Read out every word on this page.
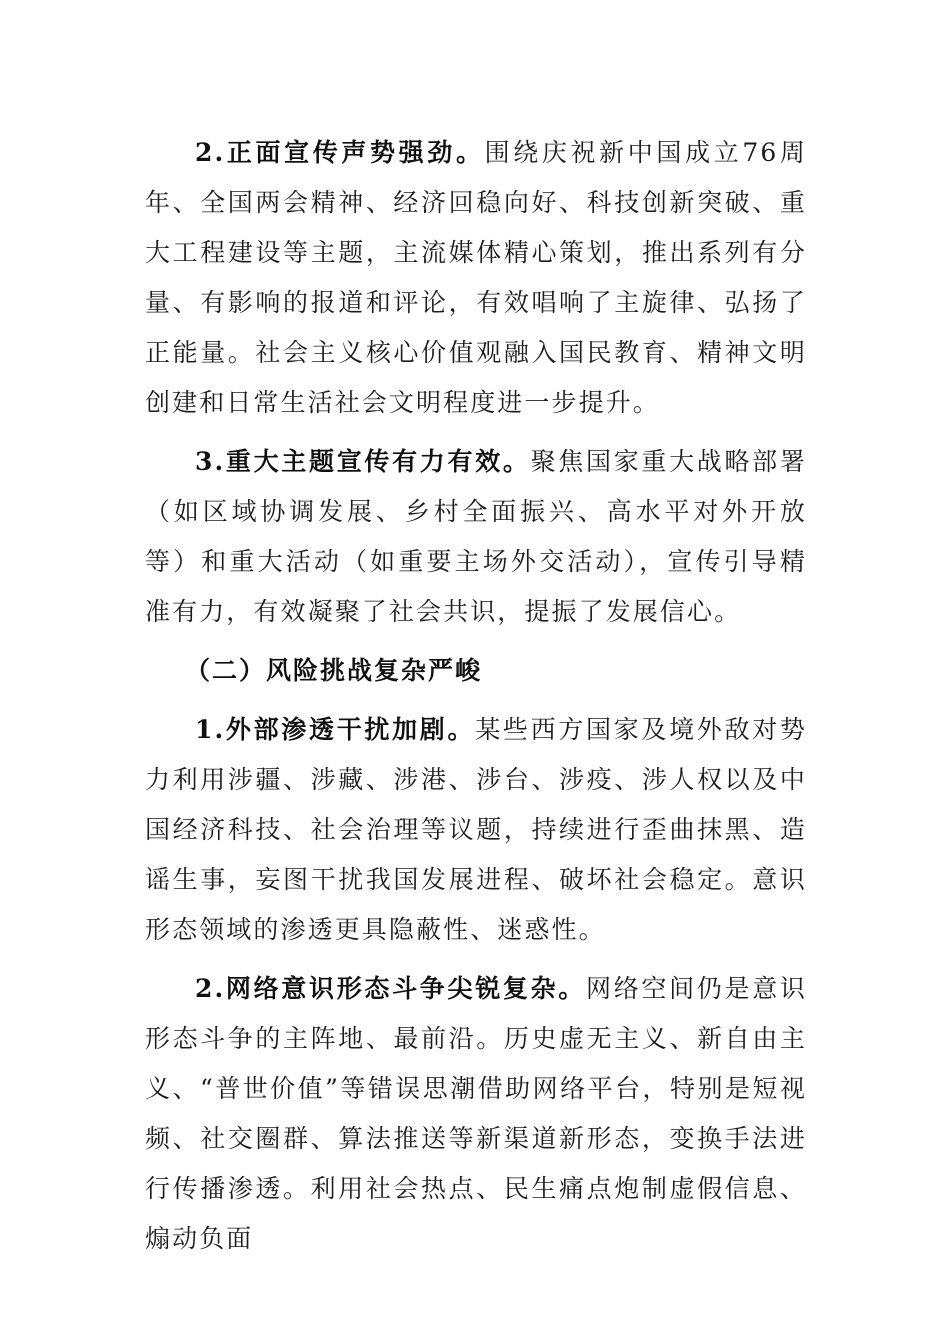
2.正面宣传声势强劲。围绕庆祝新中国成立76周年、全国两会精神、经济回稳向好、科技创新突破、重大工程建设等主题，主流媒体精心策划，推出系列有分量、有影响的报道和评论，有效唱响了主旋律、弘扬了正能量。社会主义核心价值观融入国民教育、精神文明创建和日常生活社会文明程度进一步提升。

3.重大主题宣传有力有效。聚焦国家重大战略部署（如区域协调发展、乡村全面振兴、高水平对外开放等）和重大活动（如重要主场外交活动），宣传引导精准有力，有效凝聚了社会共识，提振了发展信心。

（二）风险挑战复杂严峻

1.外部渗透干扰加剧。某些西方国家及境外敌对势力利用涉疆、涉藏、涉港、涉台、涉疫、涉人权以及中国经济科技、社会治理等议题，持续进行歪曲抹黑、造谣生事，妄图干扰我国发展进程、破坏社会稳定。意识形态领域的渗透更具隐蔽性、迷惑性。

2.网络意识形态斗争尖锐复杂。网络空间仍是意识形态斗争的主阵地、最前沿。历史虚无主义、新自由主义、“普世价值”等错误思潮借助网络平台，特别是短视频、社交圈群、算法推送等新渠道新形态，变换手法进行传播渗透。利用社会热点、民生痛点炮制虚假信息、煽动负面
